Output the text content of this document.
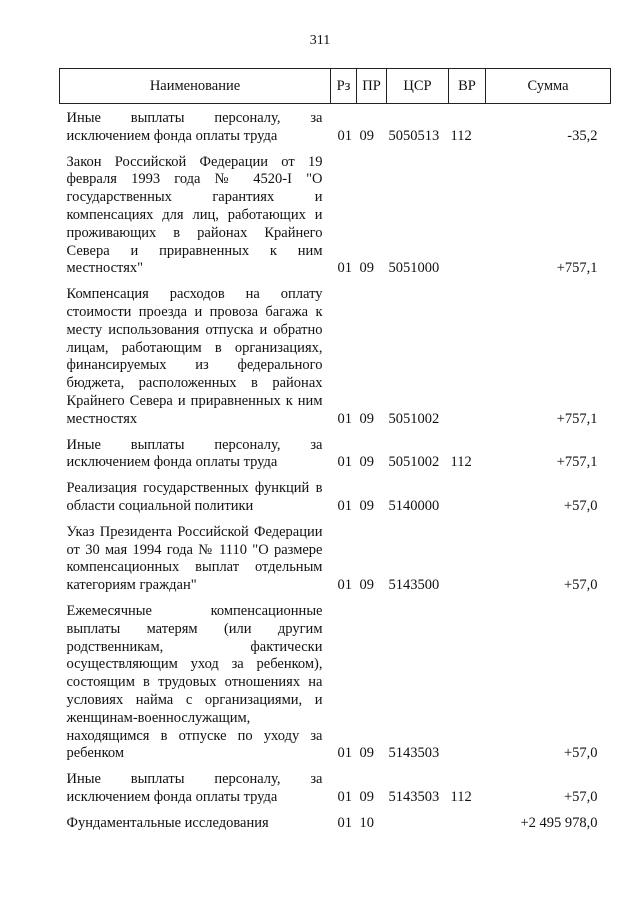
311
Наименование	Рз	ПР	ЦСР	ВР	Сумма
Иные выплаты персоналу, за исключением фонда оплаты труда	01	09	5050513	112	-35,2
Закон Российской Федерации от 19 февраля 1993 года № 4520-I "О государственных гарантиях и компенсациях для лиц, работающих и проживающих в районах Крайнего Севера и приравненных к ним местностях"	01	09	5051000		+757,1
Компенсация расходов на оплату стоимости проезда и провоза багажа к месту использования отпуска и обратно лицам, работающим в организациях, финансируемых из федерального бюджета, расположенных в районах Крайнего Севера и приравненных к ним местностях	01	09	5051002		+757,1
Иные выплаты персоналу, за исключением фонда оплаты труда	01	09	5051002	112	+757,1
Реализация государственных функций в области социальной политики	01	09	5140000		+57,0
Указ Президента Российской Федерации от 30 мая 1994 года № 1110 "О размере компенсационных выплат отдельным категориям граждан"	01	09	5143500		+57,0
Ежемесячные компенсационные выплаты матерям (или другим родственникам, фактически осуществляющим уход за ребенком), состоящим в трудовых отношениях на условиях найма с организациями, и женщинам-военнослужащим, находящимся в отпуске по уходу за ребенком	01	09	5143503		+57,0
Иные выплаты персоналу, за исключением фонда оплаты труда	01	09	5143503	112	+57,0
Фундаментальные исследования	01	10			+2 495 978,0
